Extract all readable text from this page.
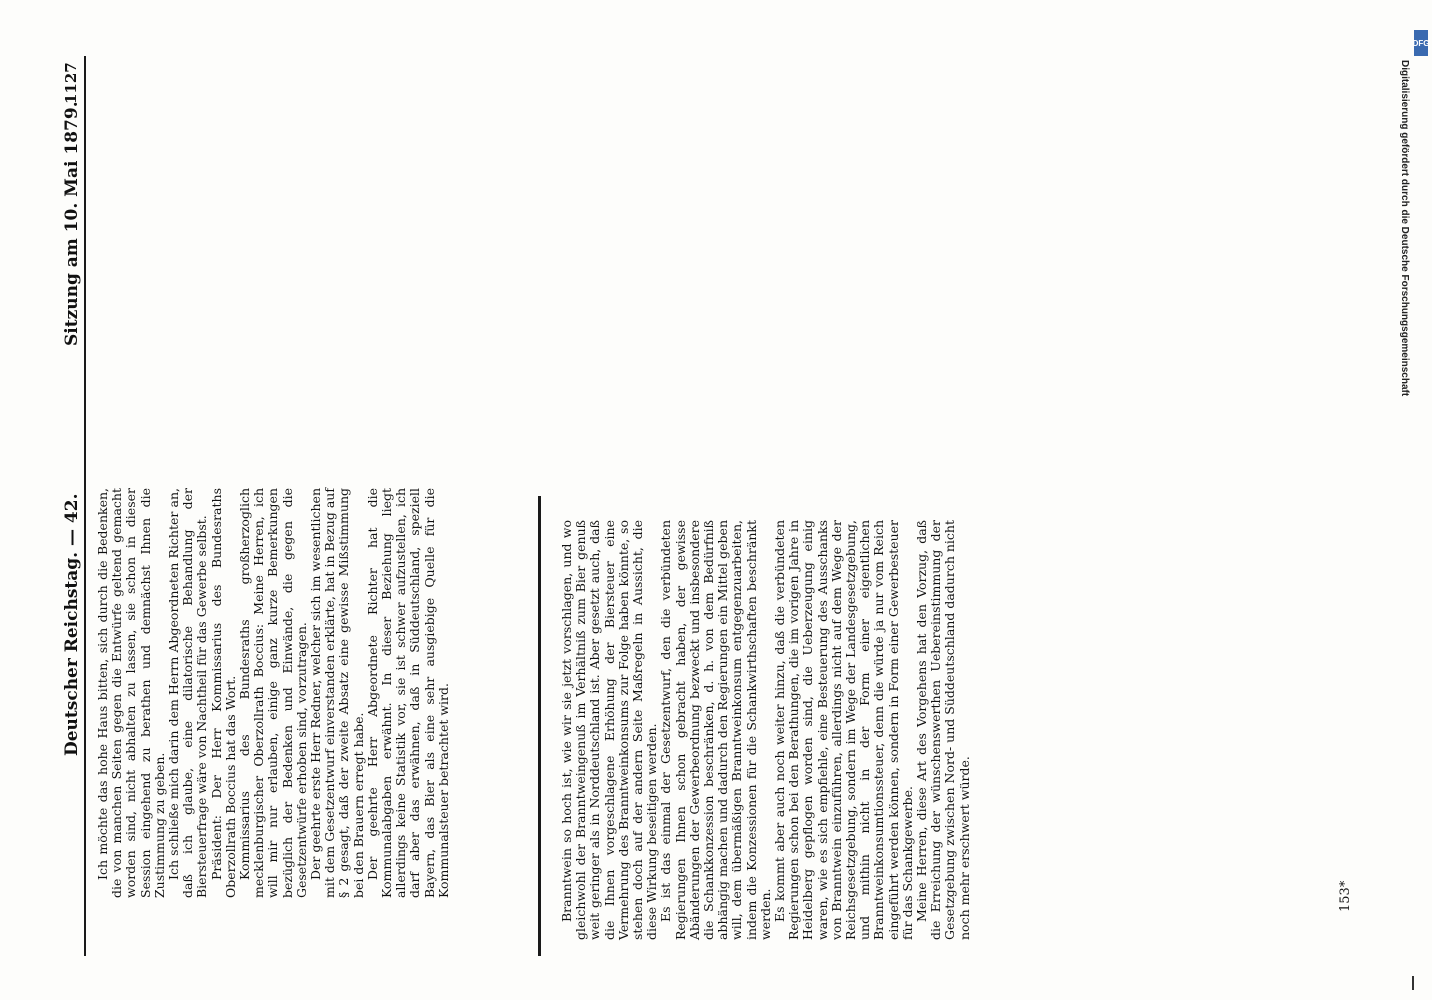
DFG
Digitalisierung gefördert durch die Deutsche Forschungsgemeinschaft
Deutscher Reichstag. — 42.
Sitzung am 10. Mai 1879.
1127

Branntwein so hoch ist, wie wir sie jetzt vorschlagen, und wo gleichwohl der Branntweingenuß im Verhältniß zum Bier genuß weit geringer als in Norddeutschland ist. Aber gesetzt auch, daß die Ihnen vorgeschlagene Erhöhung der Biersteuer eine Vermehrung des Branntweinkonsums zur Folge haben könnte, so stehen doch auf der andern Seite Maßregeln in Aussicht, die diese Wirkung beseitigen werden. Es ist das einmal der Gesetzentwurf, den die verbündeten Regierungen Ihnen schon gebracht haben, der gewisse Abänderungen der Gewerbeordnung bezweckt und insbesondere die Schankkonzession beschränken, d. h. von dem Bedürfniß abhängig machen und dadurch den Regierungen ein Mittel geben will, dem übermäßigen Branntweinkonsum entgegenzuarbeiten, indem die Konzessionen für die Schankwirthschaften beschränkt werden. Es kommt aber auch noch weiter hinzu, daß die verbündeten Regierungen schon bei den Berathungen, die im vorigen Jahre in Heidelberg gepflogen worden sind, die Ueberzeugung einig waren, wie es sich empfiehle, eine Besteuerung des Ausschanks von Branntwein einzuführen, allerdings nicht auf dem Wege der Reichsgesetzgebung, sondern im Wege der Landesgesetzgebung, und mithin nicht in der Form einer eigentlichen Branntweinkonsumtionssteuer, denn die würde ja nur vom Reich eingeführt werden können, sondern in Form einer Gewerbesteuer für das Schankgewerbe. Meine Herren, diese Art des Vorgehens hat den Vorzug, daß die Erreichung der wünschenswerthen Uebereinstimmung der Gesetzgebung zwischen Nord- und Süddeutschland dadurch nicht noch mehr erschwert würde.

Ich möchte das hohe Haus bitten, sich durch die Bedenken, die von manchen Seiten gegen die Entwürfe geltend gemacht worden sind, nicht abhalten zu lassen, sie schon in dieser Session eingehend zu berathen und demnächst Ihnen die Zustimmung zu geben. Ich schließe mich darin dem Herrn Abgeordneten Richter an, daß ich glaube, eine dilatorische Behandlung der Biersteuerfrage wäre von Nachtheil für das Gewerbe selbst. Präsident: Der Herr Kommissarius des Bundesraths Oberzollrath Boccius hat das Wort. Kommissarius des Bundesraths großherzoglich mecklenburgischer Oberzollrath Boccius: Meine Herren, ich will mir nur erlauben, einige ganz kurze Bemerkungen bezüglich der Bedenken und Einwände, die gegen die Gesetzentwürfe erhoben sind, vorzutragen. Der geehrte erste Herr Redner, welcher sich im wesentlichen mit dem Gesetzentwurf einverstanden erklärte, hat in Bezug auf § 2 gesagt, daß der zweite Absatz eine gewisse Mißstimmung bei den Brauern erregt habe. Der geehrte Herr Abgeordnete Richter hat die Kommunalabgaben erwähnt. In dieser Beziehung liegt allerdings keine Statistik vor, sie ist schwer aufzustellen, ich darf aber das erwähnen, daß in Süddeutschland, speziell Bayern, das Bier als eine sehr ausgiebige Quelle für die Kommunalsteuer betrachtet wird.	153*
